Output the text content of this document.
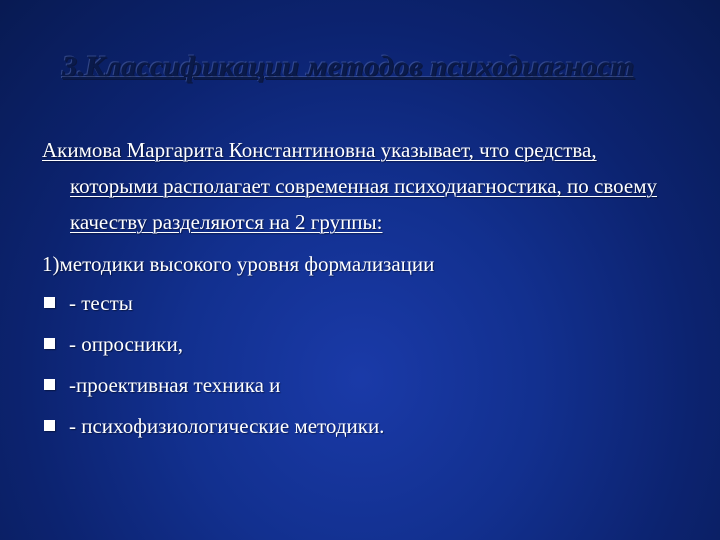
3.Классификации методов психодиагност

Акимова Маргарита Константиновна указывает, что средства, которыми располагает современная психодиагностика, по своему качеству разделяются на 2 группы:

1)методики высокого уровня формализации
- тесты
- опросники,
-проективная техника и
- психофизиологические методики.
